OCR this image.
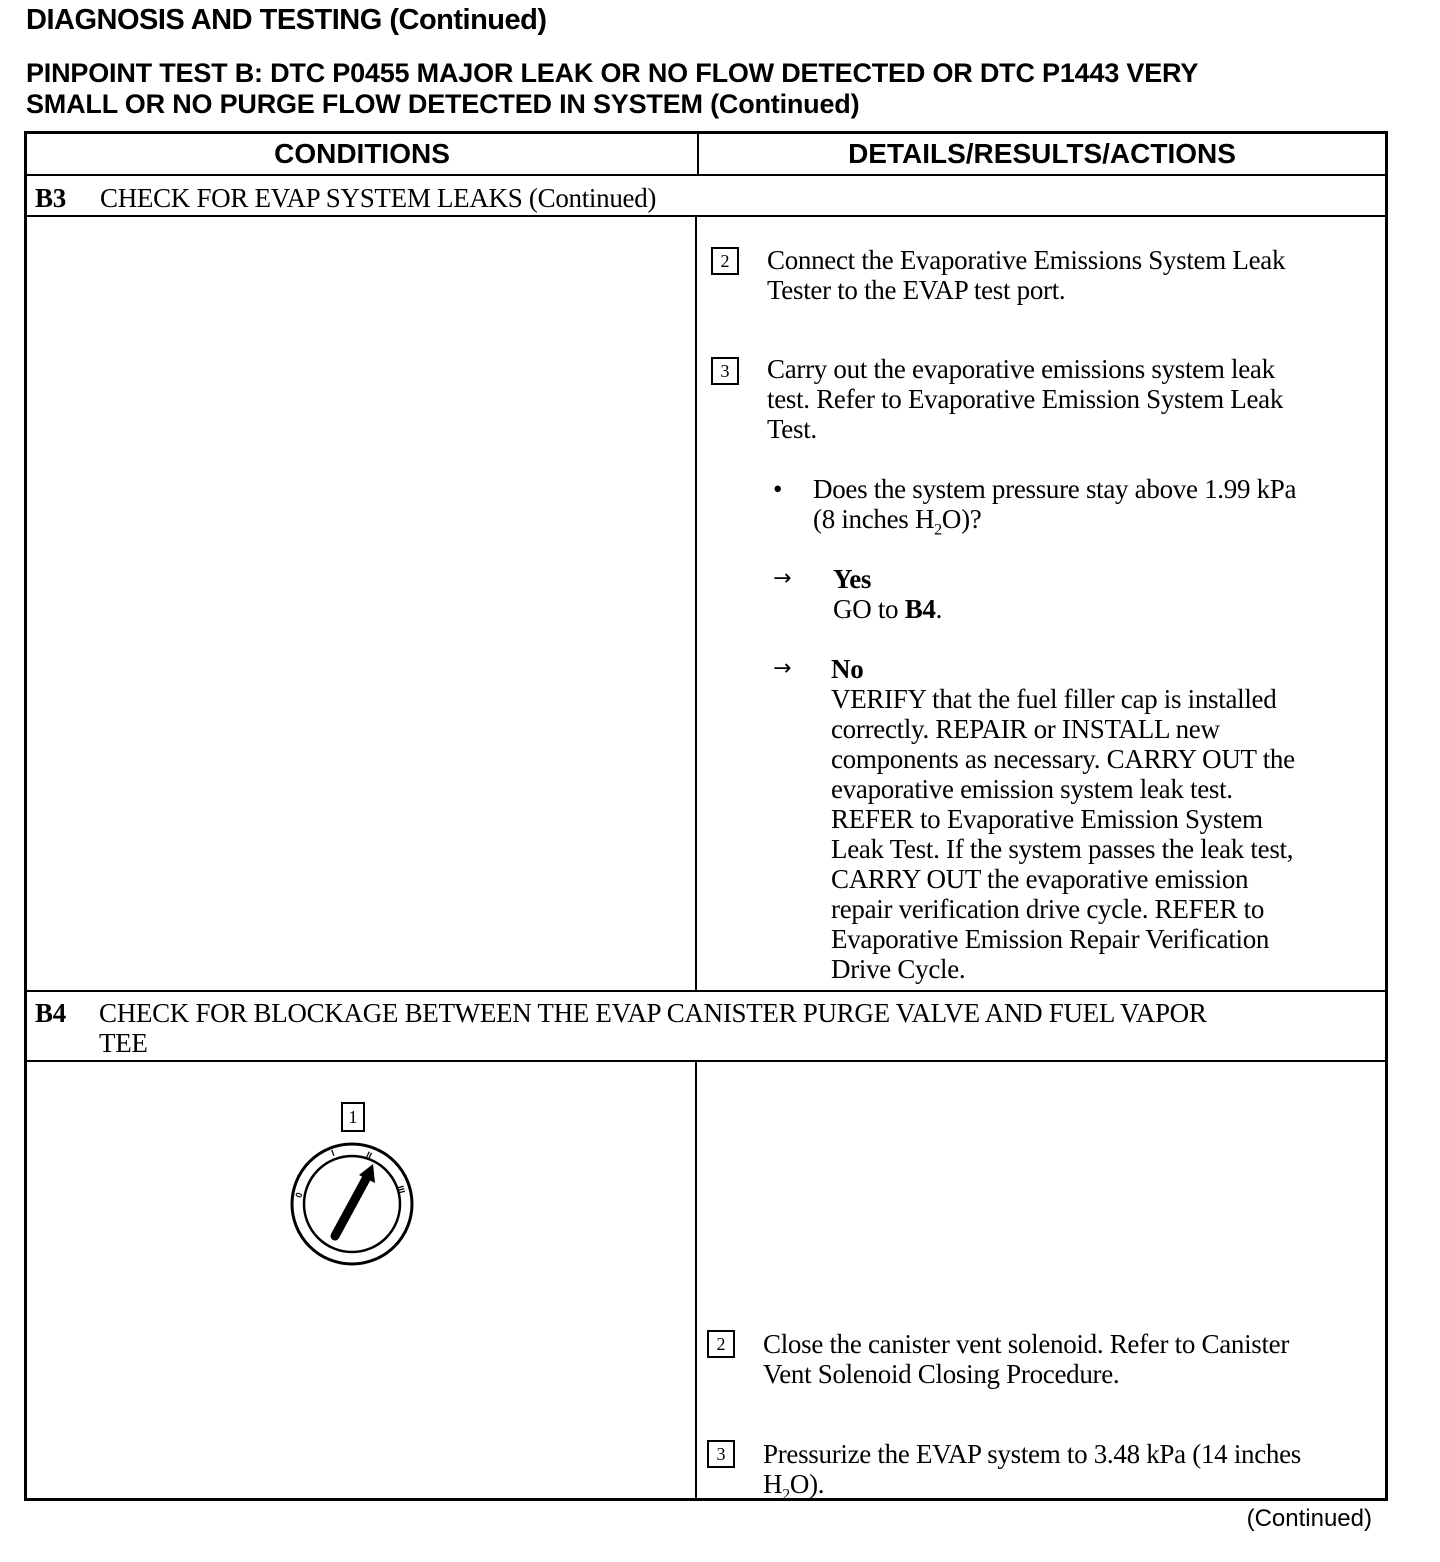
DIAGNOSIS AND TESTING (Continued)
PINPOINT TEST B: DTC P0455 MAJOR LEAK OR NO FLOW DETECTED OR DTC P1443 VERY
SMALL OR NO PURGE FLOW DETECTED IN SYSTEM (Continued)
CONDITIONS	DETAILS/RESULTS/ACTIONS
B3 CHECK FOR EVAP SYSTEM LEAKS (Continued)
2	Connect the Evaporative Emissions System Leak
Tester to the EVAP test port.
3	Carry out the evaporative emissions system leak
test. Refer to Evaporative Emission System Leak
Test.
• Does the system pressure stay above 1.99 kPa
(8 inches $H_2O$)?
→ Yes
GO to B4.
→ No
VERIFY that the fuel filler cap is installed
correctly. REPAIR or INSTALL new
components as necessary. CARRY OUT the
evaporative emission system leak test.
REFER to Evaporative Emission System
Leak Test. If the system passes the leak test,
CARRY OUT the evaporative emission
repair verification drive cycle. REFER to
Evaporative Emission Repair Verification
Drive Cycle.
B4 CHECK FOR BLOCKAGE BETWEEN THE EVAP CANISTER PURGE VALVE AND FUEL VAPOR
TEE
1
0
I	II
III
2	Close the canister vent solenoid. Refer to Canister
Vent Solenoid Closing Procedure.
3	Pressurize the EVAP system to 3.48 kPa (14 inches
$H_2O$).
(Continued)
